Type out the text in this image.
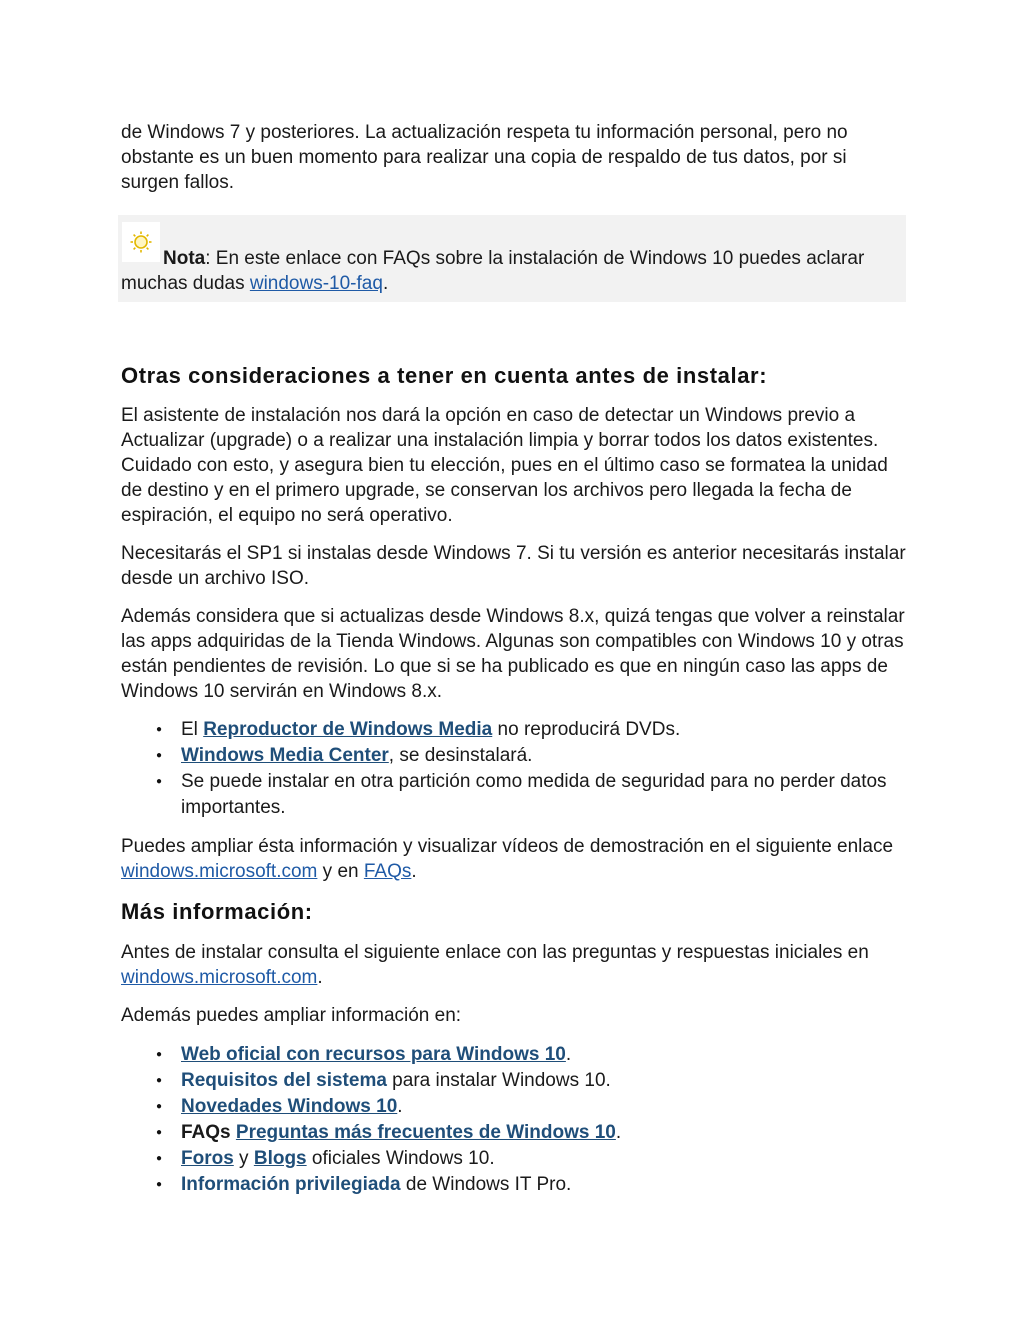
de Windows 7 y posteriores. La actualización respeta tu información personal, pero no obstante es un buen momento para realizar una copia de respaldo de tus datos, por si surgen fallos.

Nota: En este enlace con FAQs sobre la instalación de Windows 10 puedes aclarar muchas dudas windows-10-faq.
Otras consideraciones a tener en cuenta antes de instalar:

El asistente de instalación nos dará la opción en caso de detectar un Windows previo a Actualizar (upgrade) o a realizar una instalación limpia y borrar todos los datos existentes. Cuidado con esto, y asegura bien tu elección, pues en el último caso se formatea la unidad de destino y en el primero upgrade, se conservan los archivos pero llegada la fecha de espiración, el equipo no será operativo.

Necesitarás el SP1 si instalas desde Windows 7. Si tu versión es anterior necesitarás instalar desde un archivo ISO.

Además considera que si actualizas desde Windows 8.x, quizá tengas que volver a reinstalar las apps adquiridas de la Tienda Windows. Algunas son compatibles con Windows 10 y otras están pendientes de revisión. Lo que si se ha publicado es que en ningún caso las apps de Windows 10 servirán en Windows 8.x.

● El Reproductor de Windows Media no reproducirá DVDs.
● Windows Media Center, se desinstalará.
● Se puede instalar en otra partición como medida de seguridad para no perder datos importantes.

Puedes ampliar ésta información y visualizar vídeos de demostración en el siguiente enlace windows.microsoft.com y en FAQs.

Más información:

Antes de instalar consulta el siguiente enlace con las preguntas y respuestas iniciales en windows.microsoft.com.

Además puedes ampliar información en:

● Web oficial con recursos para Windows 10.
● Requisitos del sistema para instalar Windows 10.
● Novedades Windows 10.
● FAQs Preguntas más frecuentes de Windows 10.
● Foros y Blogs oficiales Windows 10.
● Información privilegiada de Windows IT Pro.
